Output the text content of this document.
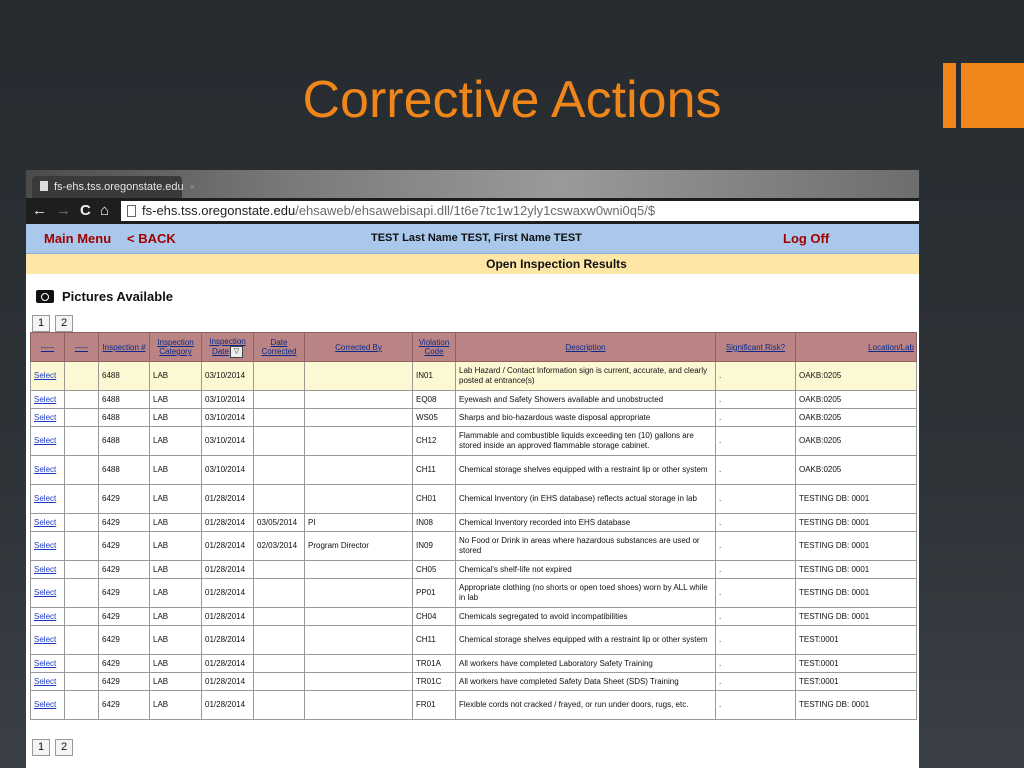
Corrective Actions
fs-ehs.tss.oregonstate.edu ×
← → C ⌂	fs-ehs.tss.oregonstate.edu/ehsaweb/ehsawebisapi.dll/1t6e7tc1w12yly1cswaxw0wni0q5/$
Main Menu < BACK	TEST Last Name TEST, First Name TEST	Log Off
Open Inspection Results
Pictures Available
1 2
-----	-----	Inspection #	Inspection Category	Inspection Date ▽	Date Corrected	Corrected By	Violation Code	Description	Significant Risk?	Location/Lab
Select		6488	LAB	03/10/2014			IN01	Lab Hazard / Contact Information sign is current, accurate, and clearly posted at entrance(s)	.	OAKB:0205
Select		6488	LAB	03/10/2014			EQ08	Eyewash and Safety Showers available and unobstructed	.	OAKB:0205
Select		6488	LAB	03/10/2014			WS05	Sharps and bio-hazardous waste disposal appropriate	.	OAKB:0205
Select		6488	LAB	03/10/2014			CH12	Flammable and combustible liquids exceeding ten (10) gallons are stored inside an approved flammable storage cabinet.	.	OAKB:0205
Select		6488	LAB	03/10/2014			CH11	Chemical storage shelves equipped with a restraint lip or other system	.	OAKB:0205
Select		6429	LAB	01/28/2014			CH01	Chemical Inventory (in EHS database) reflects actual storage in lab	.	TESTING DB: 0001
Select		6429	LAB	01/28/2014	03/05/2014	PI	IN08	Chemical Inventory recorded into EHS database	.	TESTING DB: 0001
Select		6429	LAB	01/28/2014	02/03/2014	Program Director	IN09	No Food or Drink in areas where hazardous substances are used or stored	.	TESTING DB: 0001
Select		6429	LAB	01/28/2014			CH05	Chemical's shelf-life not expired	.	TESTING DB: 0001
Select		6429	LAB	01/28/2014			PP01	Appropriate clothing (no shorts or open toed shoes) worn by ALL while in lab	.	TESTING DB: 0001
Select		6429	LAB	01/28/2014			CH04	Chemicals segregated to avoid incompatibilities	.	TESTING DB: 0001
Select		6429	LAB	01/28/2014			CH11	Chemical storage shelves equipped with a restraint lip or other system	.	TEST:0001
Select		6429	LAB	01/28/2014			TR01A	All workers have completed Laboratory Safety Training	.	TEST:0001
Select		6429	LAB	01/28/2014			TR01C	All workers have completed Safety Data Sheet (SDS) Training	.	TEST:0001
Select		6429	LAB	01/28/2014			FR01	Flexible cords not cracked / frayed, or run under doors, rugs, etc.	.	TESTING DB: 0001
1 2
